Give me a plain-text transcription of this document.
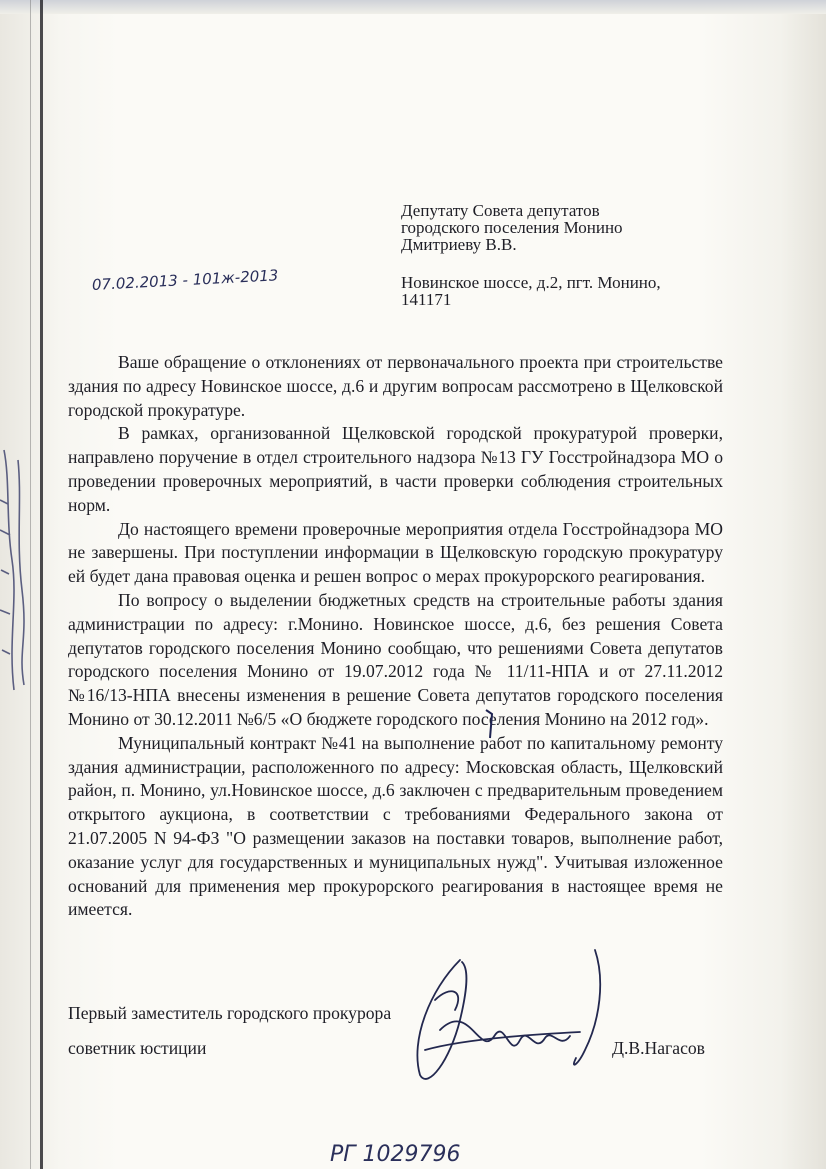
Депутату Совета депутатов
городского поселения Монино
Дмитриеву В.В.
Новинское шоссе, д.2, пгт. Монино,
141171
07.02.2013 - 101ж-2013

Ваше обращение о отклонениях от первоначального проекта при строительстве здания по адресу Новинское шоссе, д.6 и другим вопросам рассмотрено в Щелковской городской прокуратуре.

В рамках, организованной Щелковской городской прокуратурой проверки, направлено поручение в отдел строительного надзора №13 ГУ Госстройнадзора МО о проведении проверочных мероприятий, в части проверки соблюдения строительных норм.

До настоящего времени проверочные мероприятия отдела Госстройнадзора МО не завершены. При поступлении информации в Щелковскую городскую прокуратуру ей будет дана правовая оценка и решен вопрос о мерах прокурорского реагирования.

По вопросу о выделении бюджетных средств на строительные работы здания администрации по адресу: г.Монино. Новинское шоссе, д.6, без решения Совета депутатов городского поселения Монино сообщаю, что решениями Совета депутатов городского поселения Монино от 19.07.2012 года № 11/11-НПА и от 27.11.2012 №16/13-НПА внесены изменения в решение Совета депутатов городского поселения Монино от 30.12.2011 №6/5 «О бюджете городского поселения Монино на 2012 год».

Муниципальный контракт №41 на выполнение работ по капитальному ремонту здания администрации, расположенного по адресу: Московская область, Щелковский район, п. Монино, ул.Новинское шоссе, д.6 заключен с предварительным проведением открытого аукциона, в соответствии с требованиями Федерального закона от 21.07.2005 N 94-ФЗ "О размещении заказов на поставки товаров, выполнение работ, оказание услуг для государственных и муниципальных нужд". Учитывая изложенное оснований для применения мер прокурорского реагирования в настоящее время не имеется.

Первый заместитель городского прокурора
советник юстиции	Д.В.Нагасов
РГ 1029796
